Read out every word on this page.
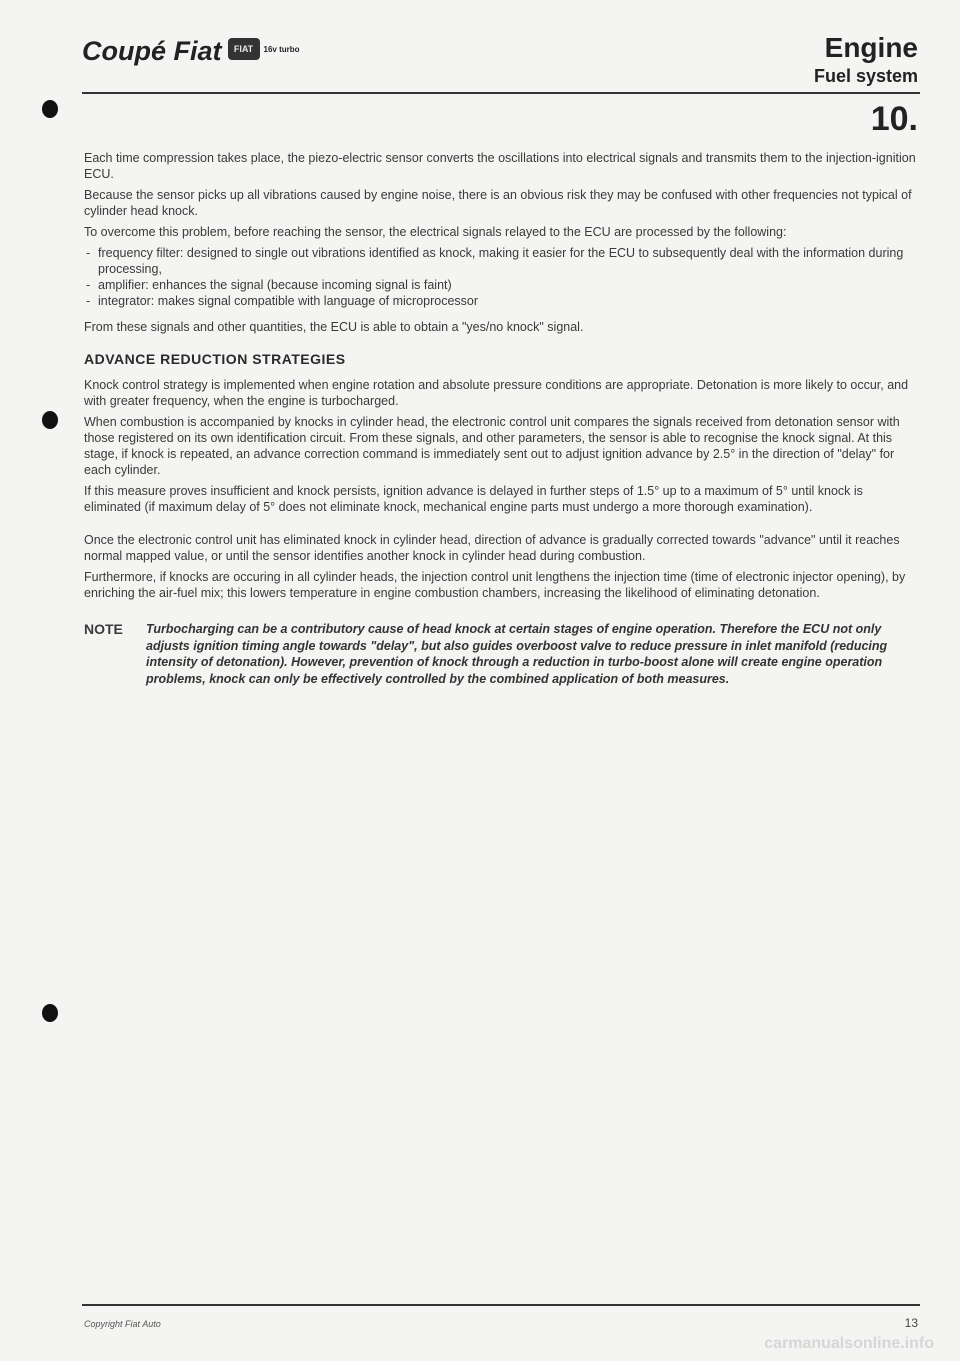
Coupé Fiat FIAT 16v turbo	Engine
Fuel system
10.

Each time compression takes place, the piezo-electric sensor converts the oscillations into electrical signals and transmits them to the injection-ignition ECU.

Because the sensor picks up all vibrations caused by engine noise, there is an obvious risk they may be confused with other frequencies not typical of cylinder head knock.

To overcome this problem, before reaching the sensor, the electrical signals relayed to the ECU are processed by the following:

- frequency filter: designed to single out vibrations identified as knock, making it easier for the ECU to subsequently deal with the information during processing,
- amplifier: enhances the signal (because incoming signal is faint)
- integrator: makes signal compatible with language of microprocessor

From these signals and other quantities, the ECU is able to obtain a "yes/no knock" signal.

ADVANCE REDUCTION STRATEGIES

Knock control strategy is implemented when engine rotation and absolute pressure conditions are appropriate. Detonation is more likely to occur, and with greater frequency, when the engine is turbocharged.

When combustion is accompanied by knocks in cylinder head, the electronic control unit compares the signals received from detonation sensor with those registered on its own identification circuit. From these signals, and other parameters, the sensor is able to recognise the knock signal. At this stage, if knock is repeated, an advance correction command is immediately sent out to adjust ignition advance by 2.5° in the direction of "delay" for each cylinder.

If this measure proves insufficient and knock persists, ignition advance is delayed in further steps of 1.5° up to a maximum of 5° until knock is eliminated (if maximum delay of 5° does not eliminate knock, mechanical engine parts must undergo a more thorough examination).

Once the electronic control unit has eliminated knock in cylinder head, direction of advance is gradually corrected towards "advance" until it reaches normal mapped value, or until the sensor identifies another knock in cylinder head during combustion.

Furthermore, if knocks are occuring in all cylinder heads, the injection control unit lengthens the injection time (time of electronic injector opening), by enriching the air-fuel mix; this lowers temperature in engine combustion chambers, increasing the likelihood of eliminating detonation.

NOTE	Turbocharging can be a contributory cause of head knock at certain stages of engine operation. Therefore the ECU not only adjusts ignition timing angle towards "delay", but also guides overboost valve to reduce pressure in inlet manifold (reducing intensity of detonation). However, prevention of knock through a reduction in turbo-boost alone will create engine operation problems, knock can only be effectively controlled by the combined application of both measures.
Copyright Fiat Auto	13
carmanualsonline.info
